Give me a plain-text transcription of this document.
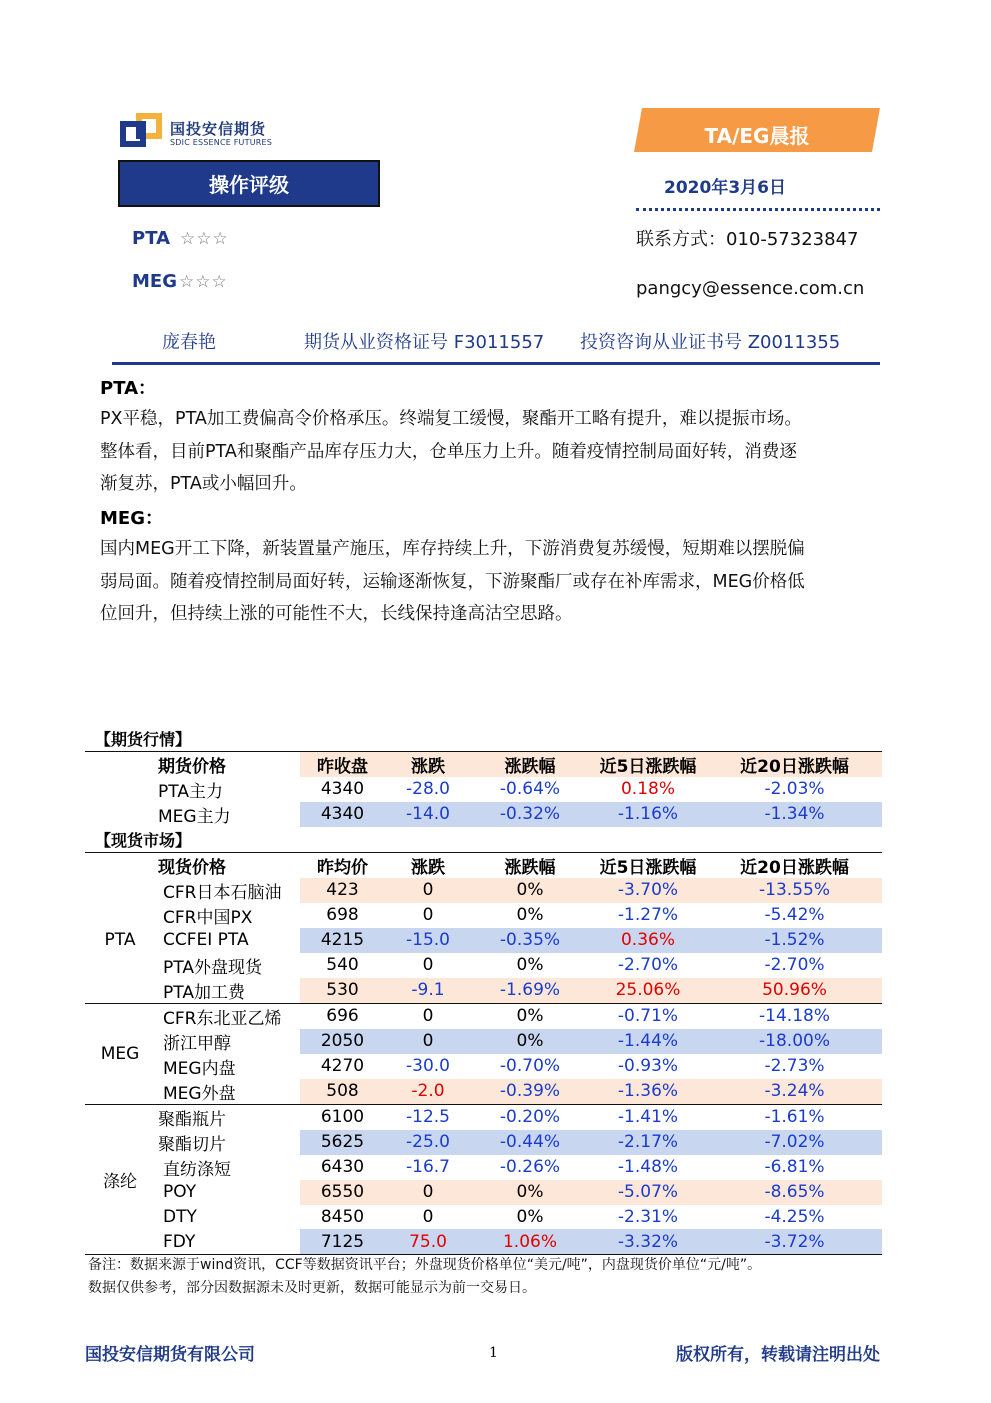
国投安信期货
SDIC ESSENCE FUTURES
操作评级
TA/EG晨报
2020年3月6日
联系方式：010-57323847
pangcy@essence.com.cn
PTA ☆☆☆
MEG ☆☆☆
庞春艳	期货从业资格证号 F3011557 投资咨询从业证书号 Z0011355
PTA：
PX平稳，PTA加工费偏高令价格承压。终端复工缓慢，聚酯开工略有提升，难以提振市场。
整体看，目前PTA和聚酯产品库存压力大，仓单压力上升。随着疫情控制局面好转，消费逐
渐复苏，PTA或小幅回升。
MEG：
国内MEG开工下降，新装置量产施压，库存持续上升，下游消费复苏缓慢，短期难以摆脱偏
弱局面。随着疫情控制局面好转，运输逐渐恢复，下游聚酯厂或存在补库需求，MEG价格低
位回升，但持续上涨的可能性不大，长线保持逢高沽空思路。
【期货行情】						
	期货价格	昨收盘	涨跌	涨跌幅	近5日涨跌幅	近20日涨跌幅
	PTA主力	4340	-28.0	-0.64%	0.18%	-2.03%
	MEG主力	4340	-14.0	-0.32%	-1.16%	-1.34%
【现货市场】						
	现货价格	昨均价	涨跌	涨跌幅	近5日涨跌幅	近20日涨跌幅
PTA	CFR日本石脑油	423	0	0%	-3.70%	-13.55%
	CFR中国PX	698	0	0%	-1.27%	-5.42%
	CCFEI PTA	4215	-15.0	-0.35%	0.36%	-1.52%
	PTA外盘现货	540	0	0%	-2.70%	-2.70%
	PTA加工费	530	-9.1	-1.69%	25.06%	50.96%
MEG	CFR东北亚乙烯	696	0	0%	-0.71%	-14.18%
	浙江甲醇	2050	0	0%	-1.44%	-18.00%
	MEG内盘	4270	-30.0	-0.70%	-0.93%	-2.73%
	MEG外盘	508	-2.0	-0.39%	-1.36%	-3.24%
涤纶	聚酯瓶片	6100	-12.5	-0.20%	-1.41%	-1.61%
	聚酯切片	5625	-25.0	-0.44%	-2.17%	-7.02%
	直纺涤短	6430	-16.7	-0.26%	-1.48%	-6.81%
	POY	6550	0	0%	-5.07%	-8.65%
	DTY	8450	0	0%	-2.31%	-4.25%
	FDY	7125	75.0	1.06%	-3.32%	-3.72%
备注：数据来源于wind资讯，CCF等数据资讯平台；外盘现货价格单位“美元/吨”，内盘现货价单位“元/吨”。
数据仅供参考，部分因数据源未及时更新，数据可能显示为前一交易日。
国投安信期货有限公司	1	版权所有，转载请注明出处
